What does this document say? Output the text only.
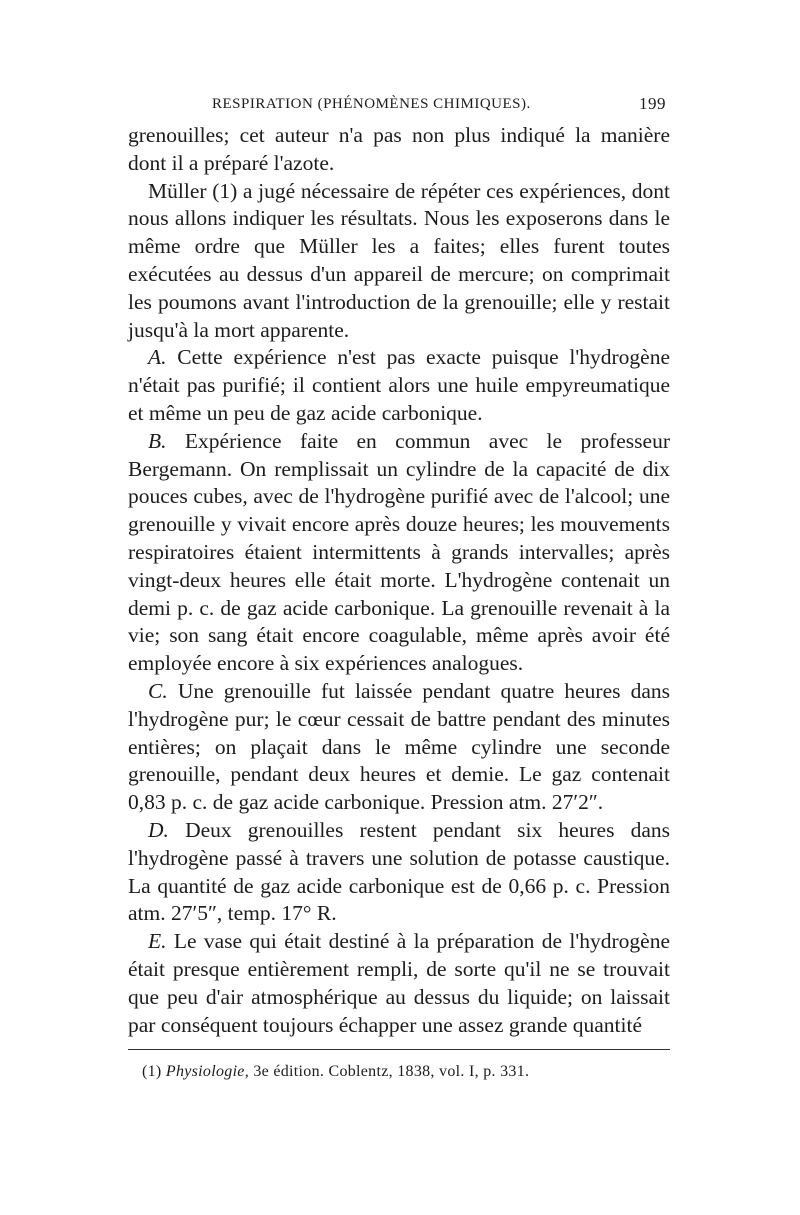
RESPIRATION (PHÉNOMÈNES CHIMIQUES).	199

grenouilles; cet auteur n'a pas non plus indiqué la manière dont il a préparé l'azote.

Müller (1) a jugé nécessaire de répéter ces expériences, dont nous allons indiquer les résultats. Nous les exposerons dans le même ordre que Müller les a faites; elles furent toutes exécutées au dessus d'un appareil de mercure; on comprimait les poumons avant l'introduction de la grenouille; elle y restait jusqu'à la mort apparente.

A. Cette expérience n'est pas exacte puisque l'hydrogène n'était pas purifié; il contient alors une huile empyreumatique et même un peu de gaz acide carbonique.

B. Expérience faite en commun avec le professeur Bergemann. On remplissait un cylindre de la capacité de dix pouces cubes, avec de l'hydrogène purifié avec de l'alcool; une grenouille y vivait encore après douze heures; les mouvements respiratoires étaient intermittents à grands intervalles; après vingt-deux heures elle était morte. L'hydrogène contenait un demi p. c. de gaz acide carbonique. La grenouille revenait à la vie; son sang était encore coagulable, même après avoir été employée encore à six expériences analogues.

C. Une grenouille fut laissée pendant quatre heures dans l'hydrogène pur; le cœur cessait de battre pendant des minutes entières; on plaçait dans le même cylindre une seconde grenouille, pendant deux heures et demie. Le gaz contenait 0,83 p. c. de gaz acide carbonique. Pression atm. 27′2″.

D. Deux grenouilles restent pendant six heures dans l'hydrogène passé à travers une solution de potasse caustique. La quantité de gaz acide carbonique est de 0,66 p. c. Pression atm. 27′5″, temp. 17° R.

E. Le vase qui était destiné à la préparation de l'hydrogène était presque entièrement rempli, de sorte qu'il ne se trouvait que peu d'air atmosphérique au dessus du liquide; on laissait par conséquent toujours échapper une assez grande quantité

(1) Physiologie, 3e édition. Coblentz, 1838, vol. I, p. 331.
